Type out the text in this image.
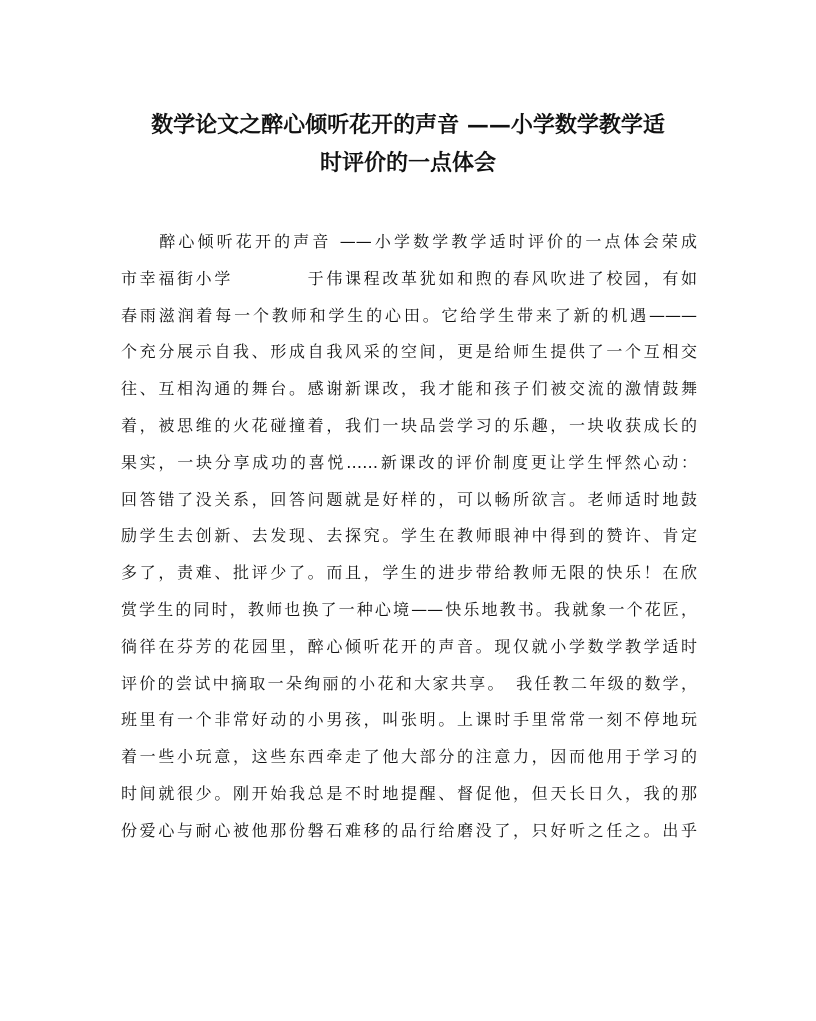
数学论文之醉心倾听花开的声音 ——小学数学教学适
时评价的一点体会
　　醉心倾听花开的声音 ——小学数学教学适时评价的一点体会荣成
市幸福街小学　　　　于伟课程改革犹如和煦的春风吹进了校园，有如
春雨滋润着每一个教师和学生的心田。它给学生带来了新的机遇———
个充分展示自我、形成自我风采的空间，更是给师生提供了一个互相交
往、互相沟通的舞台。感谢新课改，我才能和孩子们被交流的激情鼓舞
着，被思维的火花碰撞着，我们一块品尝学习的乐趣，一块收获成长的
果实，一块分享成功的喜悦……新课改的评价制度更让学生怦然心动：
回答错了没关系，回答问题就是好样的，可以畅所欲言。老师适时地鼓
励学生去创新、去发现、去探究。学生在教师眼神中得到的赞许、肯定
多了，责难、批评少了。而且，学生的进步带给教师无限的快乐！在欣
赏学生的同时，教师也换了一种心境——快乐地教书。我就象一个花匠，
徜徉在芬芳的花园里，醉心倾听花开的声音。现仅就小学数学教学适时
评价的尝试中摘取一朵绚丽的小花和大家共享。　我任教二年级的数学，
班里有一个非常好动的小男孩，叫张明。上课时手里常常一刻不停地玩
着一些小玩意，这些东西牵走了他大部分的注意力，因而他用于学习的
时间就很少。刚开始我总是不时地提醒、督促他，但天长日久，我的那
份爱心与耐心被他那份磐石难移的品行给磨没了，只好听之任之。出乎
